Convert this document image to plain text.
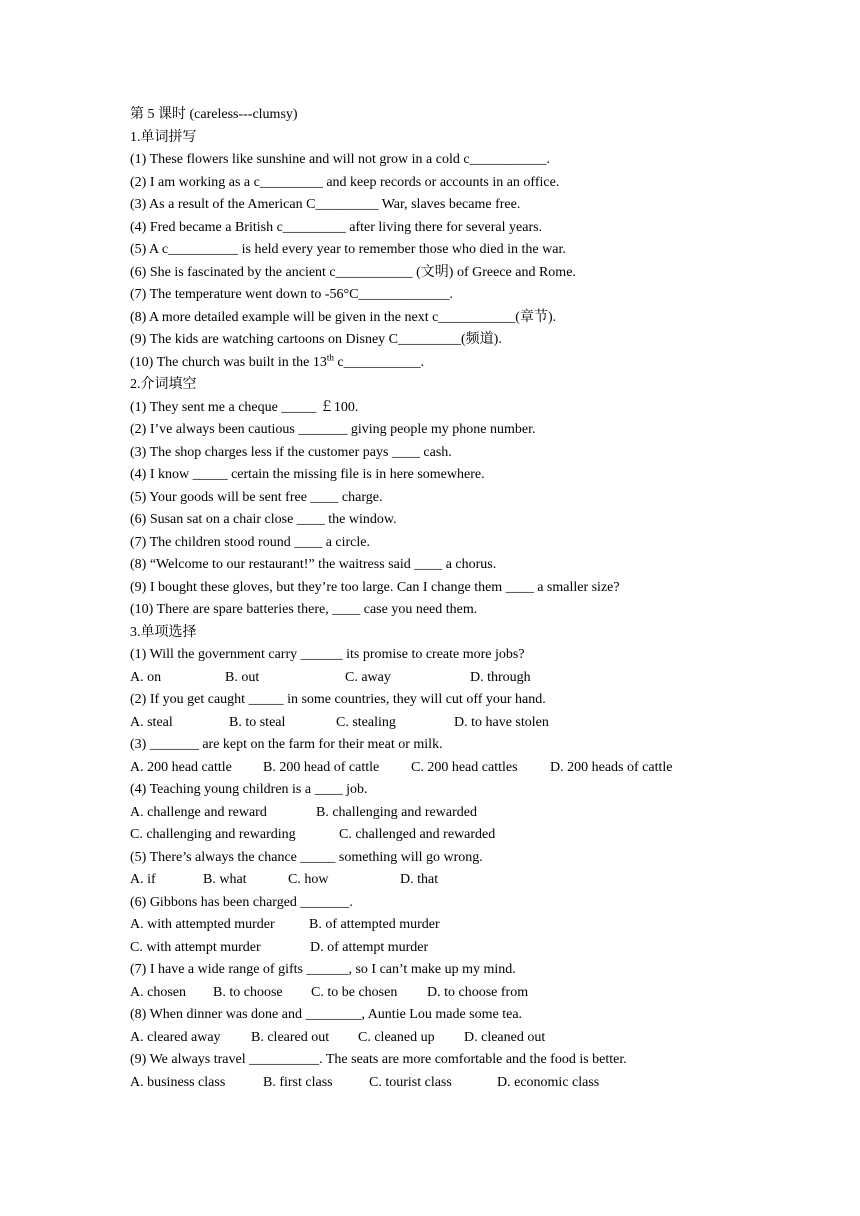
第 5 课时 (careless---clumsy)
1.单词拼写
(1) These flowers like sunshine and will not grow in a cold c___________.
(2) I am working as a c_________ and keep records or accounts in an office.
(3) As a result of the American C_________ War, slaves became free.
(4) Fred became a British c_________ after living there for several years.
(5) A c__________ is held every year to remember those who died in the war.
(6) She is fascinated by the ancient c___________ (文明) of Greece and Rome.
(7) The temperature went down to -56°C_____________.
(8) A more detailed example will be given in the next c___________(章节).
(9) The kids are watching cartoons on Disney C_________(频道).
(10) The church was built in the 13th c___________.
2.介词填空
(1) They sent me a cheque _____ ￡100.
(2) I’ve always been cautious _______ giving people my phone number.
(3) The shop charges less if the customer pays ____ cash.
(4) I know _____ certain the missing file is in here somewhere.
(5) Your goods will be sent free ____ charge.
(6) Susan sat on a chair close ____ the window.
(7) The children stood round ____ a circle.
(8) “Welcome to our restaurant!” the waitress said ____ a chorus.
(9) I bought these gloves, but they’re too large. Can I change them ____ a smaller size?
(10) There are spare batteries there, ____ case you need them.
3.单项选择
(1) Will the government carry ______ its promise to create more jobs?
A. on	B. out	C. away	D. through
(2) If you get caught _____ in some countries, they will cut off your hand.
A. steal	B. to steal	C. stealing	D. to have stolen
(3) _______ are kept on the farm for their meat or milk.
A. 200 head cattle B. 200 head of cattle C. 200 head cattles D. 200 heads of cattle
(4) Teaching young children is a ____ job.
A. challenge and reward	B. challenging and rewarded
C. challenging and rewarding	C. challenged and rewarded
(5) There’s always the chance _____ something will go wrong.
A. if	B. what	C. how	D. that
(6) Gibbons has been charged _______.
A. with attempted murder B. of attempted murder
C. with attempt murder	D. of attempt murder
(7) I have a wide range of gifts ______, so I can’t make up my mind.
A. chosen B. to choose C. to be chosen D. to choose from
(8) When dinner was done and ________, Auntie Lou made some tea.
A. cleared away B. cleared out C. cleaned up D. cleaned out
(9) We always travel __________. The seats are more comfortable and the food is better.
A. business class	B. first class	C. tourist class	D. economic class
